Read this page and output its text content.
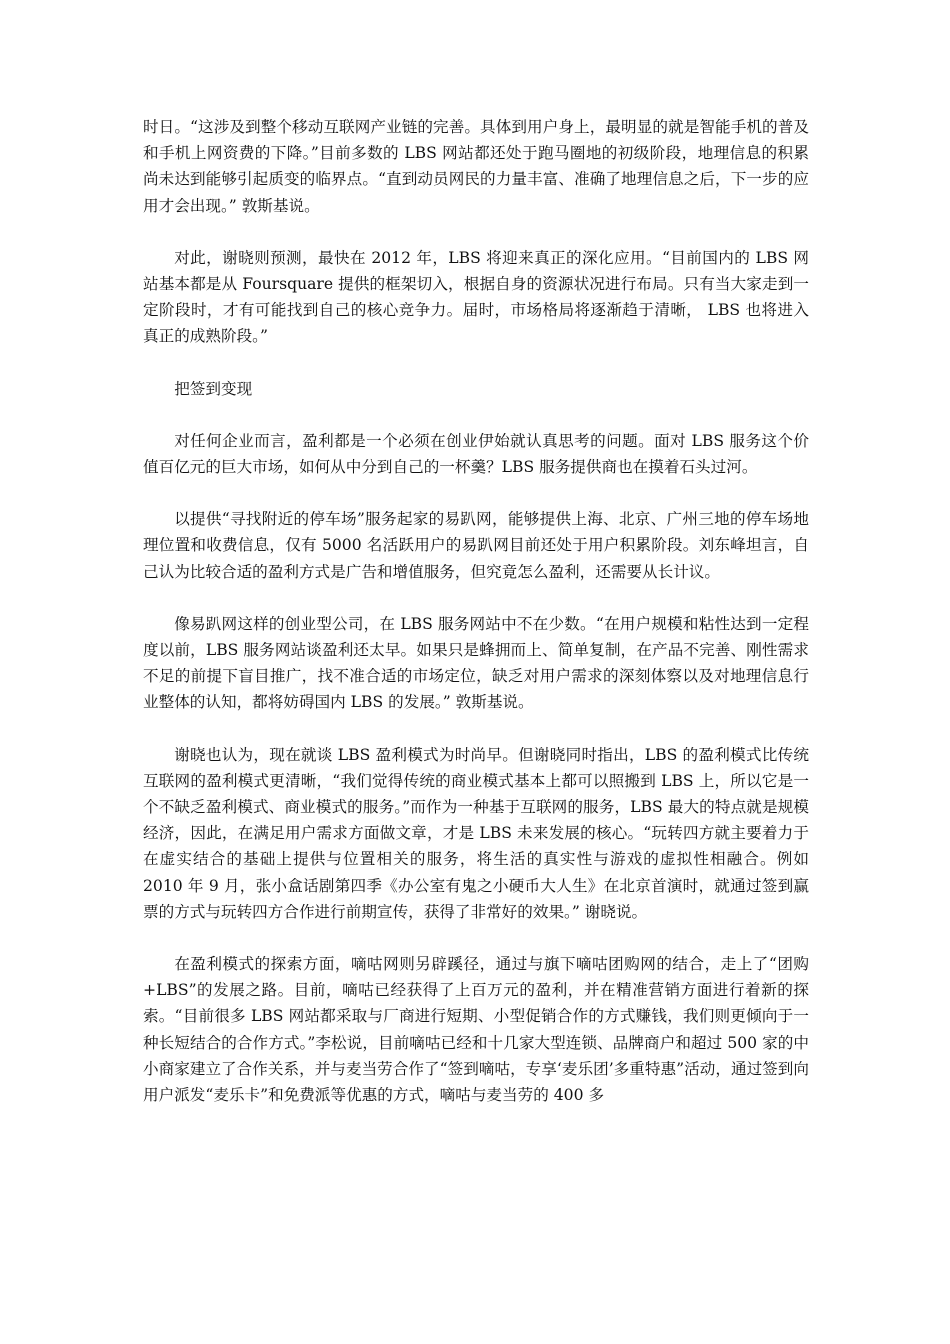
时日。“这涉及到整个移动互联网产业链的完善。具体到用户身上，最明显的就是智能手机的普及和手机上网资费的下降。”目前多数的 LBS 网站都还处于跑马圈地的初级阶段，地理信息的积累尚未达到能够引起质变的临界点。“直到动员网民的力量丰富、准确了地理信息之后，下一步的应用才会出现。” 敦斯基说。

对此，谢晓则预测，最快在 2012 年，LBS 将迎来真正的深化应用。“目前国内的 LBS 网站基本都是从 Foursquare 提供的框架切入，根据自身的资源状况进行布局。只有当大家走到一定阶段时，才有可能找到自己的核心竞争力。届时，市场格局将逐渐趋于清晰， LBS 也将进入真正的成熟阶段。”

把签到变现

对任何企业而言，盈利都是一个必须在创业伊始就认真思考的问题。面对 LBS 服务这个价值百亿元的巨大市场，如何从中分到自己的一杯羹？LBS 服务提供商也在摸着石头过河。

以提供“寻找附近的停车场”服务起家的易趴网，能够提供上海、北京、广州三地的停车场地理位置和收费信息，仅有 5000 名活跃用户的易趴网目前还处于用户积累阶段。刘东峰坦言，自己认为比较合适的盈利方式是广告和增值服务，但究竟怎么盈利，还需要从长计议。

像易趴网这样的创业型公司，在 LBS 服务网站中不在少数。“在用户规模和粘性达到一定程度以前，LBS 服务网站谈盈利还太早。如果只是蜂拥而上、简单复制，在产品不完善、刚性需求不足的前提下盲目推广，找不准合适的市场定位，缺乏对用户需求的深刻体察以及对地理信息行业整体的认知，都将妨碍国内 LBS 的发展。” 敦斯基说。

谢晓也认为，现在就谈 LBS 盈利模式为时尚早。但谢晓同时指出，LBS 的盈利模式比传统互联网的盈利模式更清晰，“我们觉得传统的商业模式基本上都可以照搬到 LBS 上，所以它是一个不缺乏盈利模式、商业模式的服务。”而作为一种基于互联网的服务，LBS 最大的特点就是规模经济，因此，在满足用户需求方面做文章，才是 LBS 未来发展的核心。“玩转四方就主要着力于在虚实结合的基础上提供与位置相关的服务，将生活的真实性与游戏的虚拟性相融合。例如 2010 年 9 月，张小盒话剧第四季《办公室有鬼之小硬币大人生》在北京首演时，就通过签到赢票的方式与玩转四方合作进行前期宣传，获得了非常好的效果。” 谢晓说。

在盈利模式的探索方面，嘀咕网则另辟蹊径，通过与旗下嘀咕团购网的结合，走上了“团购+LBS”的发展之路。目前，嘀咕已经获得了上百万元的盈利，并在精准营销方面进行着新的探索。“目前很多 LBS 网站都采取与厂商进行短期、小型促销合作的方式赚钱，我们则更倾向于一种长短结合的合作方式。”李松说，目前嘀咕已经和十几家大型连锁、品牌商户和超过 500 家的中小商家建立了合作关系，并与麦当劳合作了“签到嘀咕，专享‘麦乐团’多重特惠”活动，通过签到向用户派发“麦乐卡”和免费派等优惠的方式，嘀咕与麦当劳的 400 多
